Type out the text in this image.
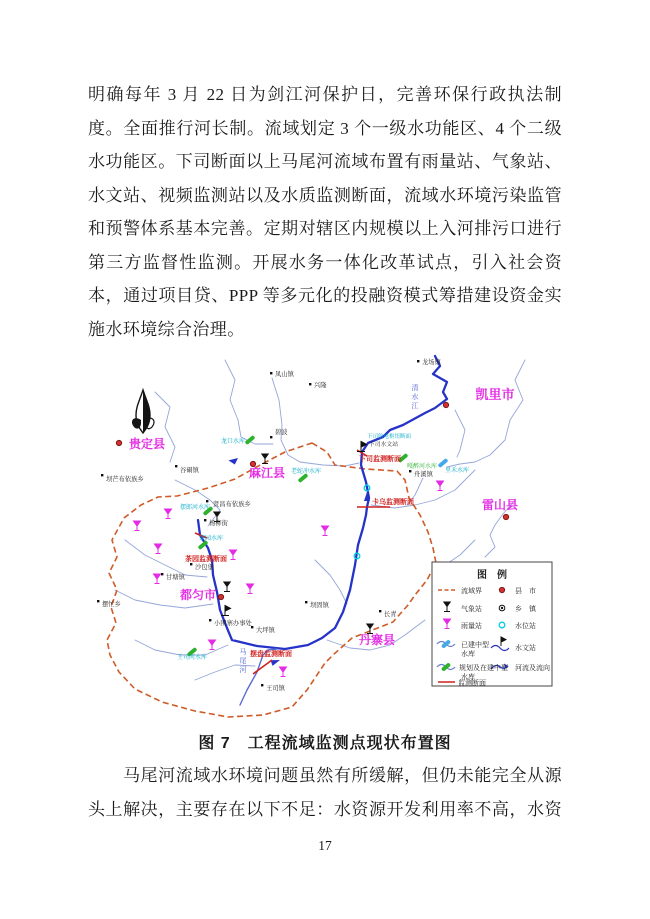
明确每年 3 月 22 日为剑江河保护日，完善环保行政执法制
度。全面推行河长制。流域划定 3 个一级水功能区、4 个二级
水功能区。下司断面以上马尾河流域布置有雨量站、气象站、
水文站、视频监测站以及水质监测断面，流域水环境污染监管
和预警体系基本完善。定期对辖区内规模以上入河排污口进行
第三方监督性监测。开展水务一体化改革试点，引入社会资
本，通过项目贷、PPP 等多元化的投融资模式筹措建设资金实
施水环境综合治理。
清
水
江
马
尾
河
贵定县
麻江县
凯里市
雷山县
丹寨县
都匀市
下司监测断面
卡乌监测断面
茶园监测断面
摆盘监测断面
下司水文站
下司航电枢纽断面
茶园水库
摆郎河水库
老蛇冲水库
王司河水库
里禾水库
龙口水库
嘎醉河水库
龙场镇
凤山镇
兴隆
碧波
谷硐镇
坝芒布依族乡
贤昌布依族乡
杨柳街
舟溪镇
甘塘镇
沙包堡
小围寨办事处
坝固镇
大坪镇
王司镇
摆忙乡
长青
图　例
流域界
气象站
雨量站
已建中型
水库
规划及在建中型
水库
监测断面
县　市
乡　镇
水位站
水文站
河流及流向
图 7　工程流域监测点现状布置图
　　马尾河流域水环境问题虽然有所缓解，但仍未能完全从源
头上解决，主要存在以下不足：水资源开发利用率不高，水资
17
